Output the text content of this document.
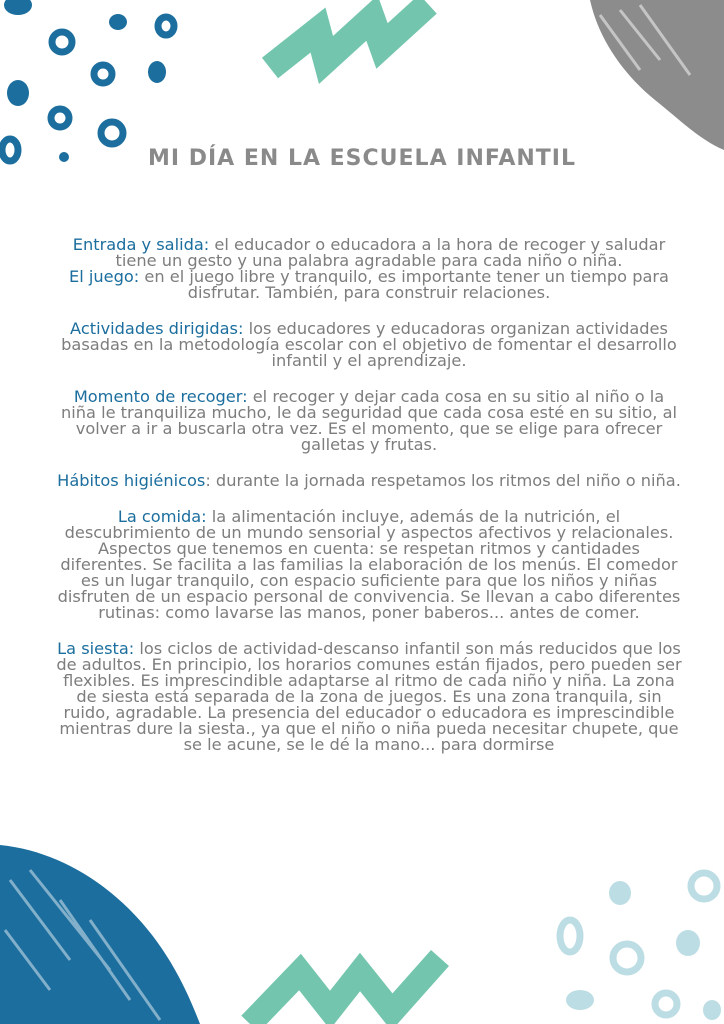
MI DÍA EN LA ESCUELA INFANTIL

Entrada y salida: el educador o educadora a la hora de recoger y saludar tiene un gesto y una palabra agradable para cada niño o niña.

El juego: en el juego libre y tranquilo, es importante tener un tiempo para disfrutar. También, para construir relaciones.

Actividades dirigidas: los educadores y educadoras organizan actividades basadas en la metodología escolar con el objetivo de fomentar el desarrollo infantil y el aprendizaje.

Momento de recoger: el recoger y dejar cada cosa en su sitio al niño o la niña le tranquiliza mucho, le da seguridad que cada cosa esté en su sitio, al volver a ir a buscarla otra vez. Es el momento, que se elige para ofrecer galletas y frutas.

Hábitos higiénicos: durante la jornada respetamos los ritmos del niño o niña.

La comida: la alimentación incluye, además de la nutrición, el descubrimiento de un mundo sensorial y aspectos afectivos y relacionales. Aspectos que tenemos en cuenta: se respetan ritmos y cantidades diferentes. Se facilita a las familias la elaboración de los menús. El comedor es un lugar tranquilo, con espacio suficiente para que los niños y niñas disfruten de un espacio personal de convivencia. Se llevan a cabo diferentes rutinas: como lavarse las manos, poner baberos... antes de comer.

La siesta: los ciclos de actividad-descanso infantil son más reducidos que los de adultos. En principio, los horarios comunes están fijados, pero pueden ser flexibles. Es imprescindible adaptarse al ritmo de cada niño y niña. La zona de siesta está separada de la zona de juegos. Es una zona tranquila, sin ruido, agradable. La presencia del educador o educadora es imprescindible mientras dure la siesta., ya que el niño o niña pueda necesitar chupete, que se le acune, se le dé la mano... para dormirse
